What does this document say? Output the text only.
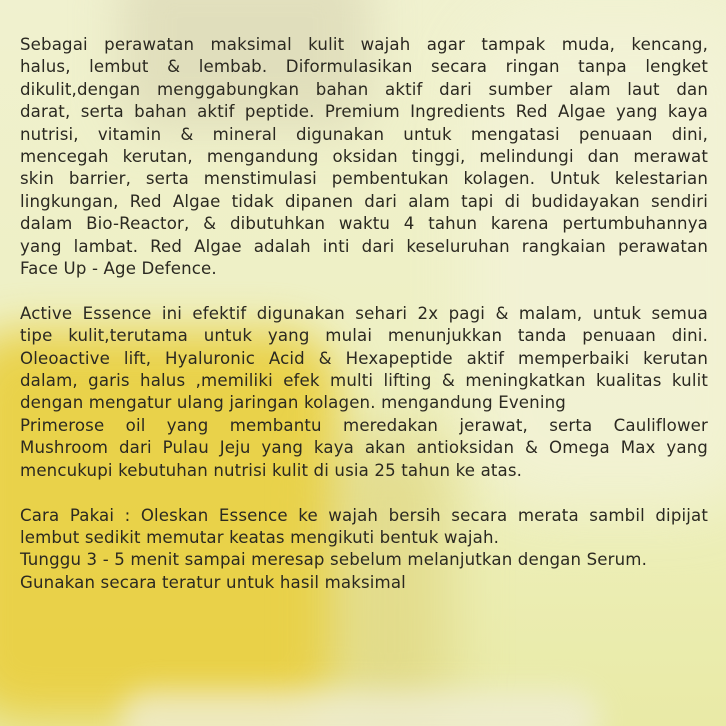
Sebagai perawatan maksimal kulit wajah agar tampak muda, kencang,
halus, lembut & lembab. Diformulasikan secara ringan tanpa lengket
dikulit,dengan menggabungkan bahan aktif dari sumber alam laut dan
darat, serta bahan aktif peptide. Premium Ingredients Red Algae yang kaya
nutrisi, vitamin & mineral digunakan untuk mengatasi penuaan dini,
mencegah kerutan, mengandung oksidan tinggi, melindungi dan merawat
skin barrier, serta menstimulasi pembentukan kolagen. Untuk kelestarian
lingkungan, Red Algae tidak dipanen dari alam tapi di budidayakan sendiri
dalam Bio-Reactor, & dibutuhkan waktu 4 tahun karena pertumbuhannya
yang lambat. Red Algae adalah inti dari keseluruhan rangkaian perawatan
Face Up - Age Defence.
Active Essence ini efektif digunakan sehari 2x pagi & malam, untuk semua
tipe kulit,terutama untuk yang mulai menunjukkan tanda penuaan dini.
Oleoactive lift, Hyaluronic Acid & Hexapeptide aktif memperbaiki kerutan
dalam, garis halus ,memiliki efek multi lifting & meningkatkan kualitas kulit
dengan mengatur ulang jaringan kolagen. mengandung Evening
Primerose oil yang membantu meredakan jerawat, serta Cauliflower
Mushroom dari Pulau Jeju yang kaya akan antioksidan & Omega Max yang
mencukupi kebutuhan nutrisi kulit di usia 25 tahun ke atas.
Cara Pakai : Oleskan Essence ke wajah bersih secara merata sambil dipijat
lembut sedikit memutar keatas mengikuti bentuk wajah.
Tunggu 3 - 5 menit sampai meresap sebelum melanjutkan dengan Serum.
Gunakan secara teratur untuk hasil maksimal
